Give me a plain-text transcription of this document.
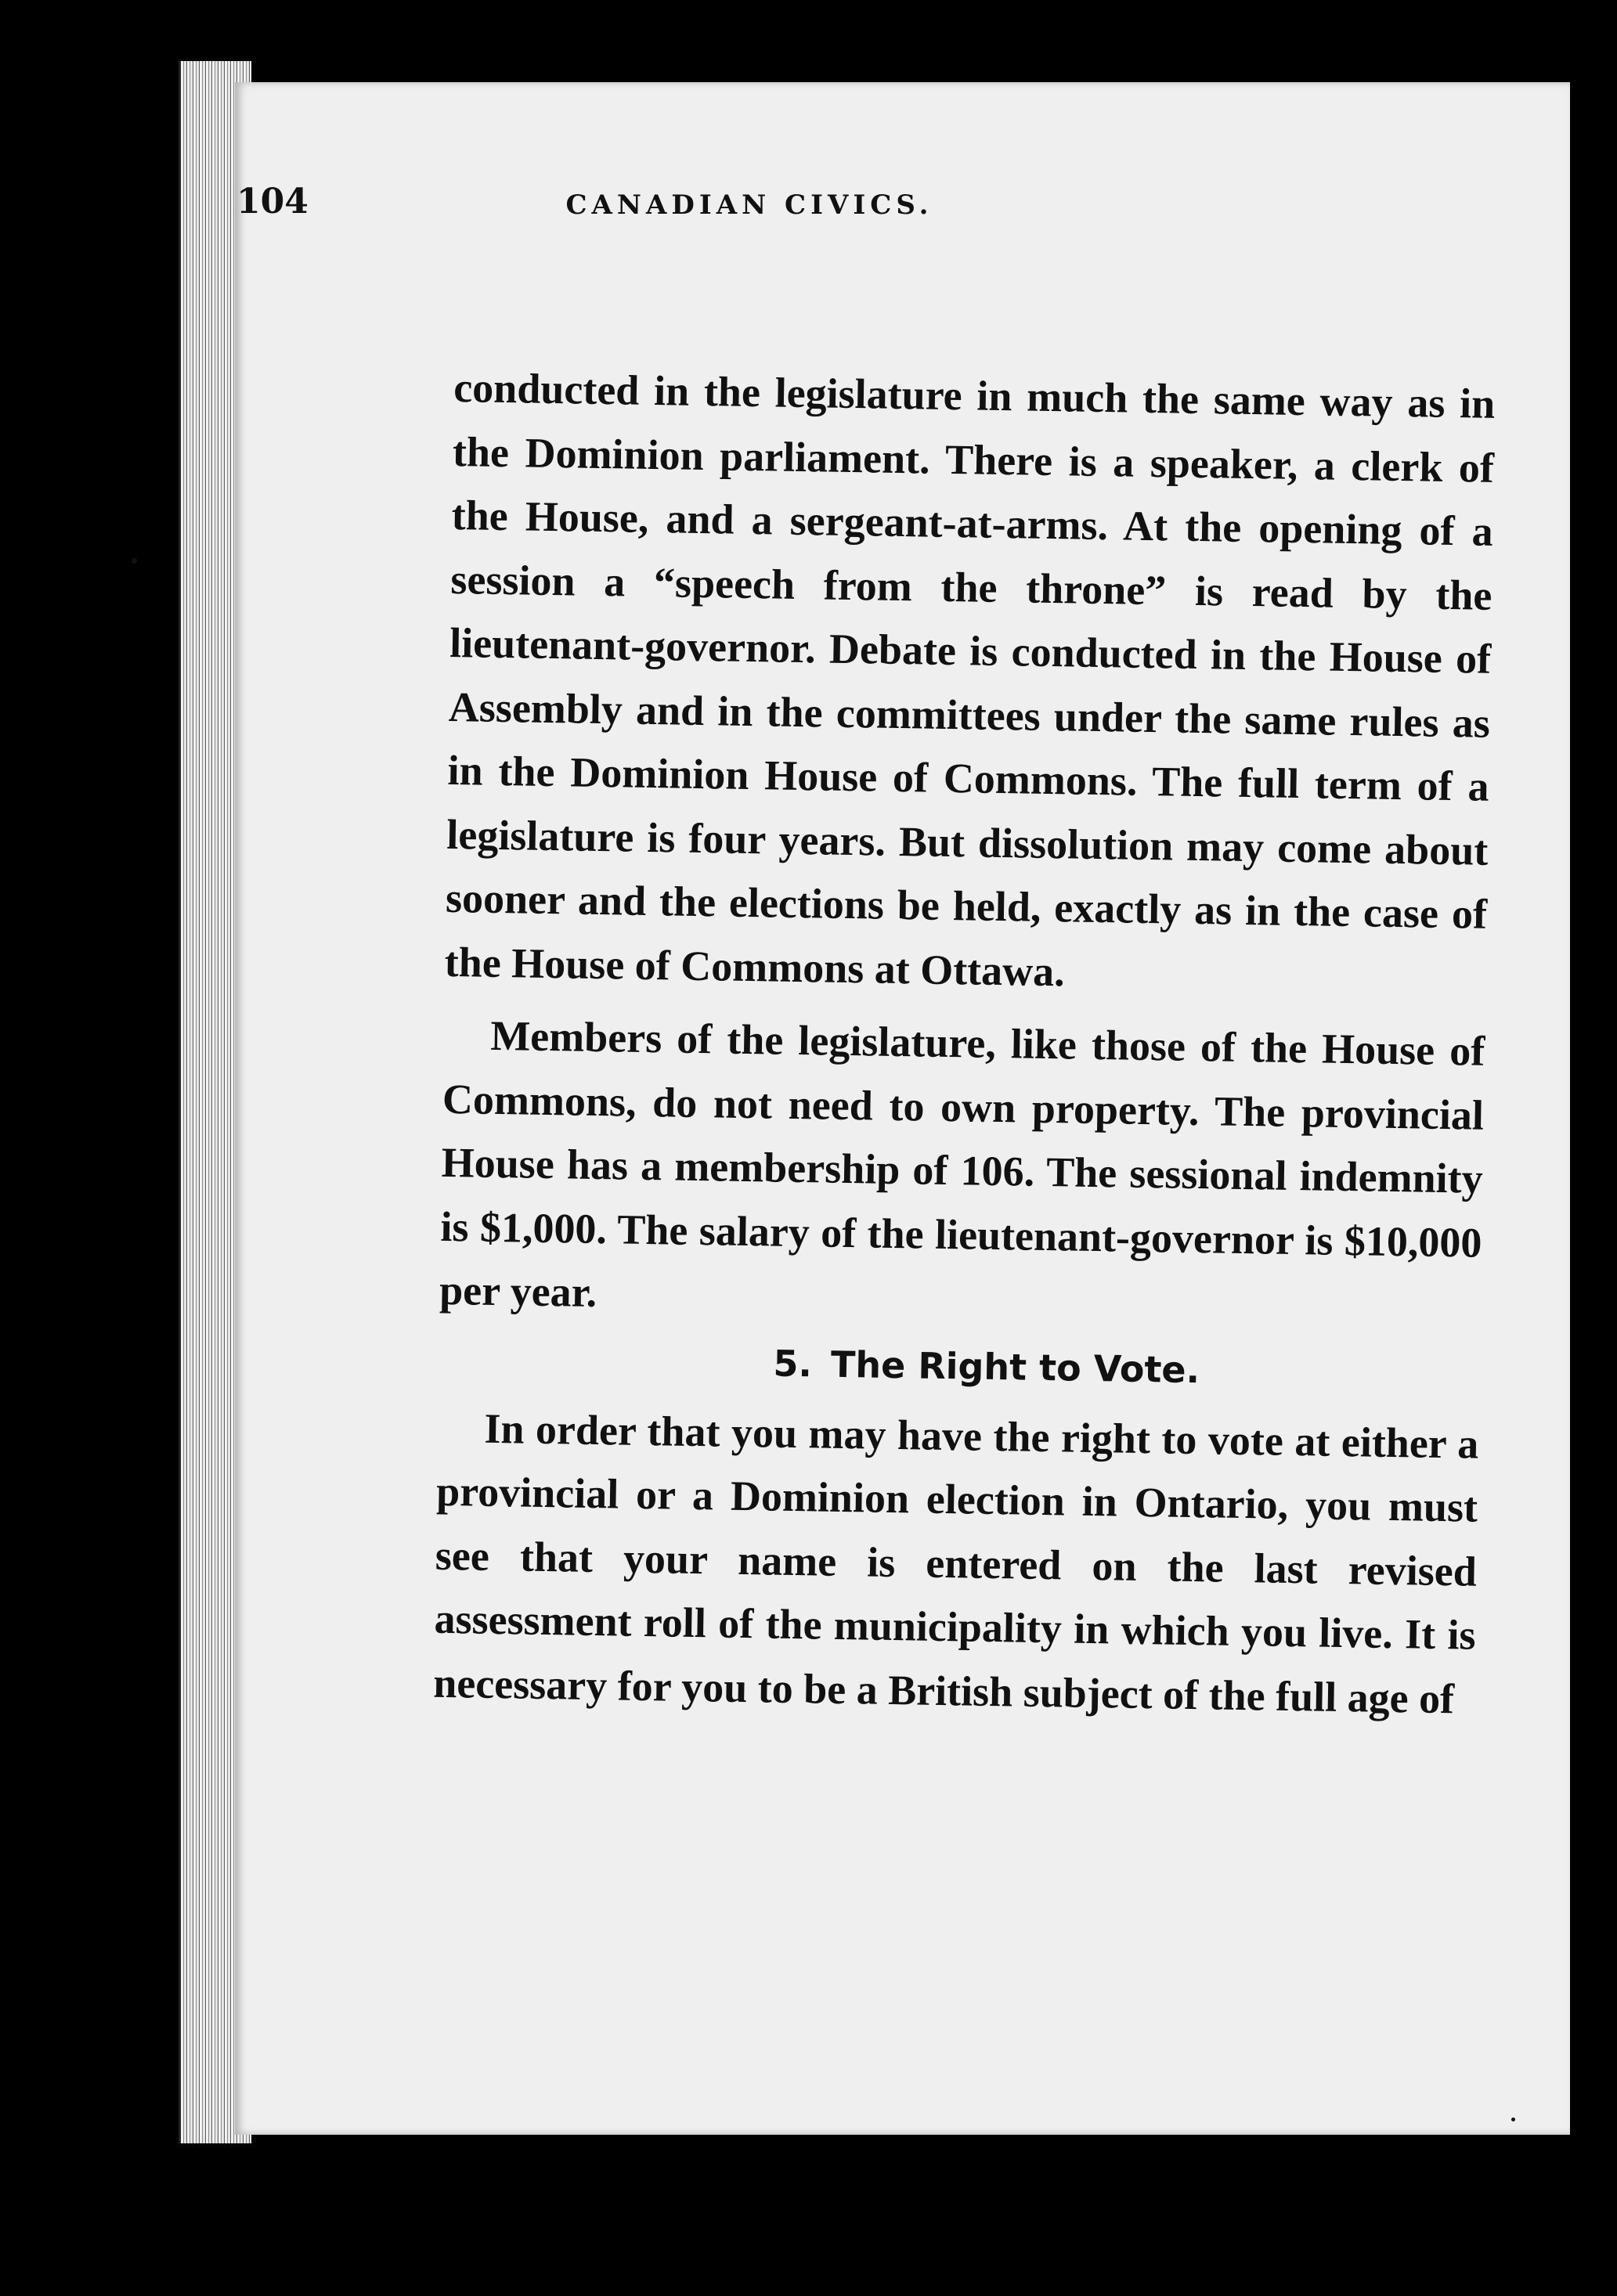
104	CANADIAN CIVICS.

conducted in the legislature in much the same way as in the Dominion parliament. There is a speaker, a clerk of the House, and a sergeant-at-arms. At the opening of a session a “speech from the throne” is read by the lieutenant-governor. Debate is conducted in the House of Assembly and in the committees under the same rules as in the Dominion House of Commons. The full term of a legislature is four years. But dissolution may come about sooner and the elections be held, exactly as in the case of the House of Commons at Ottawa.

Members of the legislature, like those of the House of Commons, do not need to own property. The provincial House has a membership of 106. The sessional indemnity is $1,000. The salary of the lieutenant-governor is $10,000 per year.

5. The Right to Vote.

In order that you may have the right to vote at either a provincial or a Dominion election in Ontario, you must see that your name is entered on the last revised assessment roll of the municipality in which you live. It is necessary for you to be a British subject of the full age of
